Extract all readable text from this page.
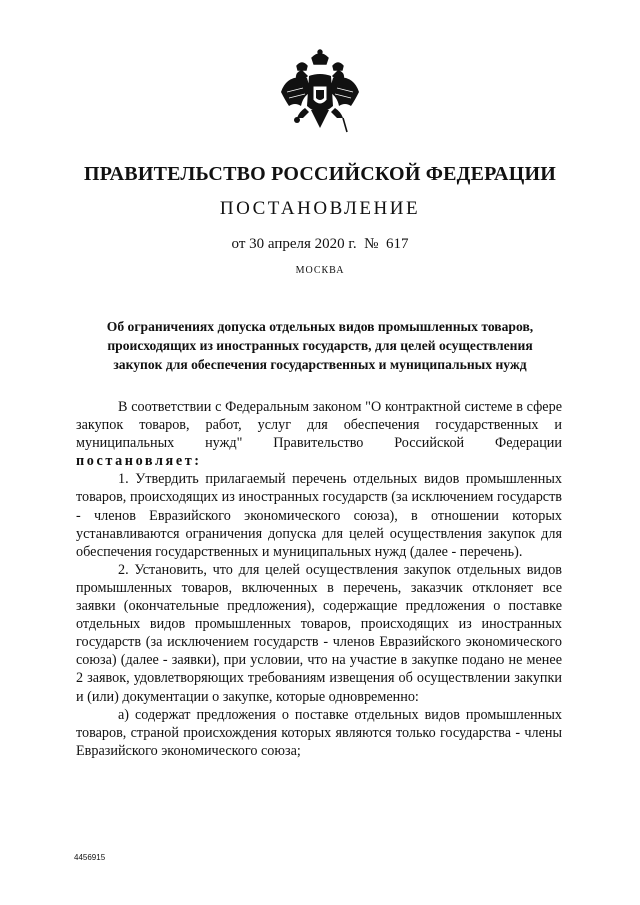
ПРАВИТЕЛЬСТВО РОССИЙСКОЙ ФЕДЕРАЦИИ
ПОСТАНОВЛЕНИЕ
от 30 апреля 2020 г. № 617
МОСКВА
Об ограничениях допуска отдельных видов промышленных товаров,
происходящих из иностранных государств, для целей осуществления
закупок для обеспечения государственных и муниципальных нужд

В соответствии с Федеральным законом "О контрактной системе в сфере закупок товаров, работ, услуг для обеспечения государственных и муниципальных нужд" Правительство Российской Федерации постановляет:

1. Утвердить прилагаемый перечень отдельных видов промышленных товаров, происходящих из иностранных государств (за исключением государств - членов Евразийского экономического союза), в отношении которых устанавливаются ограничения допуска для целей осуществления закупок для обеспечения государственных и муниципальных нужд (далее - перечень).

2. Установить, что для целей осуществления закупок отдельных видов промышленных товаров, включенных в перечень, заказчик отклоняет все заявки (окончательные предложения), содержащие предложения о поставке отдельных видов промышленных товаров, происходящих из иностранных государств (за исключением государств - членов Евразийского экономического союза) (далее - заявки), при условии, что на участие в закупке подано не менее 2 заявок, удовлетворяющих требованиям извещения об осуществлении закупки и (или) документации о закупке, которые одновременно:

а) содержат предложения о поставке отдельных видов промышленных товаров, страной происхождения которых являются только государства - члены Евразийского экономического союза;

4456915
